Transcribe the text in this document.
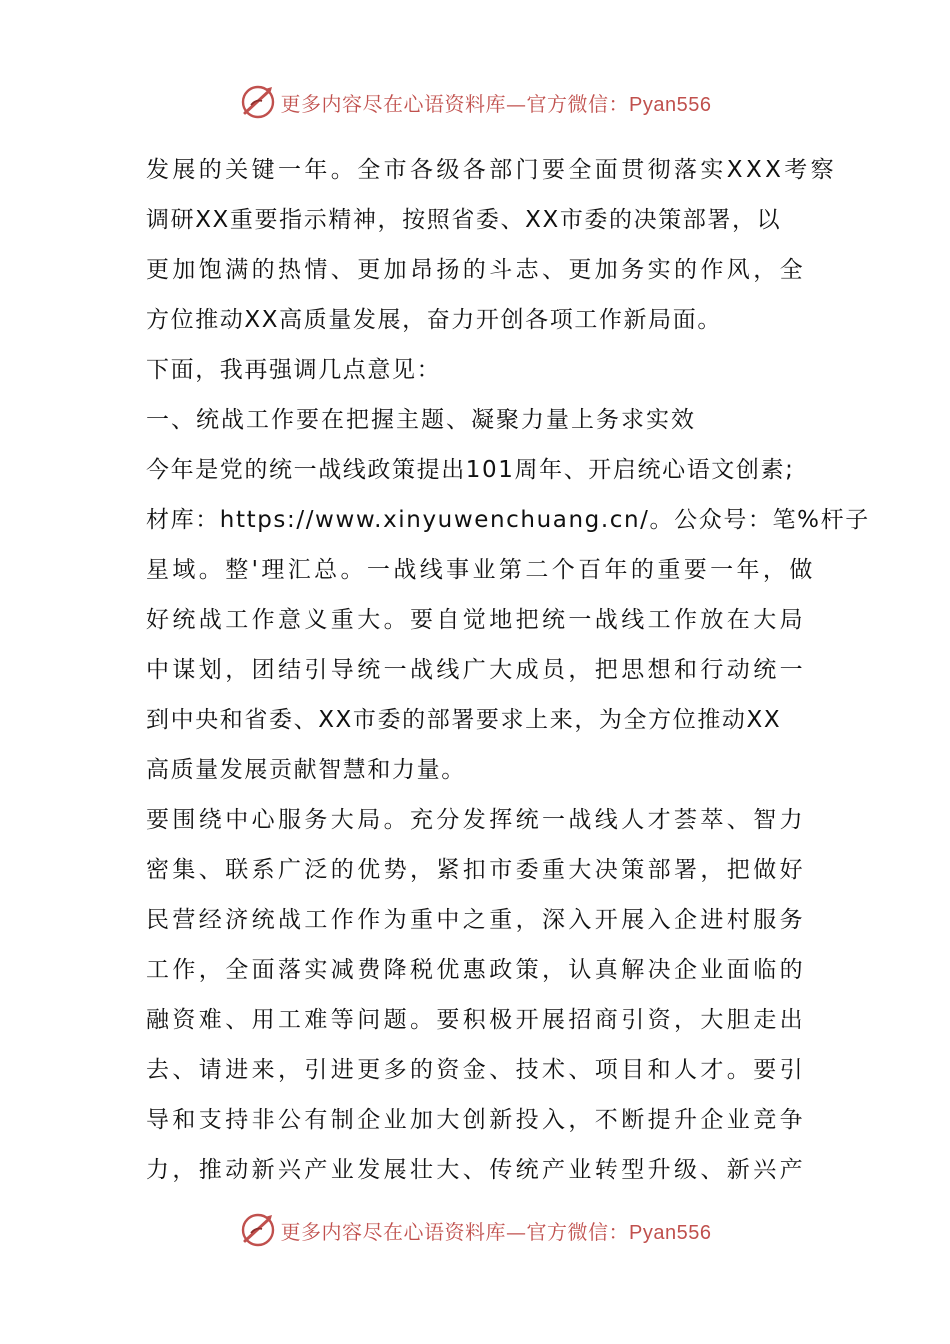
更多内容尽在心语资料库—官方微信：Pyan556
发展的关键一年。全市各级各部门要全面贯彻落实XXX考察
调研XX重要指示精神，按照省委、XX市委的决策部署，以
更加饱满的热情、更加昂扬的斗志、更加务实的作风，全
方位推动XX高质量发展，奋力开创各项工作新局面。
下面，我再强调几点意见：
一、统战工作要在把握主题、凝聚力量上务求实效
今年是党的统一战线政策提出101周年、开启统心语文创素;
材库：https://www.xinyuwenchuang.cn/。公众号：笔%杆子
星域。整'理汇总。一战线事业第二个百年的重要一年，做
好统战工作意义重大。要自觉地把统一战线工作放在大局
中谋划，团结引导统一战线广大成员，把思想和行动统一
到中央和省委、XX市委的部署要求上来，为全方位推动XX
高质量发展贡献智慧和力量。
要围绕中心服务大局。充分发挥统一战线人才荟萃、智力
密集、联系广泛的优势，紧扣市委重大决策部署，把做好
民营经济统战工作作为重中之重，深入开展入企进村服务
工作，全面落实减费降税优惠政策，认真解决企业面临的
融资难、用工难等问题。要积极开展招商引资，大胆走出
去、请进来，引进更多的资金、技术、项目和人才。要引
导和支持非公有制企业加大创新投入，不断提升企业竞争
力，推动新兴产业发展壮大、传统产业转型升级、新兴产
更多内容尽在心语资料库—官方微信：Pyan556
